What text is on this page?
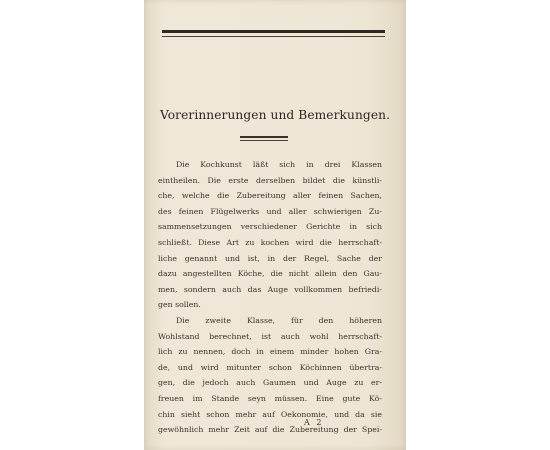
Vorerinnerungen und Bemerkungen.
Die Kochkunst läßt sich in drei Klassen
eintheilen. Die erste derselben bildet die künstli-
che, welche die Zubereitung aller feinen Sachen,
des feinen Flügelwerks und aller schwierigen Zu-
sammensetzungen verschiedener Gerichte in sich
schließt. Diese Art zu kochen wird die herrschaft-
liche genannt und ist, in der Regel, Sache der
dazu angestellten Köche, die nicht allein den Gau-
men, sondern auch das Auge vollkommen befriedi-
gen sollen.
Die zweite Klasse, für den höheren
Wohlstand berechnet, ist auch wohl herrschaft-
lich zu nennen, doch in einem minder hohen Gra-
de, und wird mitunter schon Köchinnen übertra-
gen, die jedoch auch Gaumen und Auge zu er-
freuen im Stande seyn müssen. Eine gute Kö-
chin sieht schon mehr auf Oekonomie, und da sie
gewöhnlich mehr Zeit auf die Zubereitung der Spei-
A 2
